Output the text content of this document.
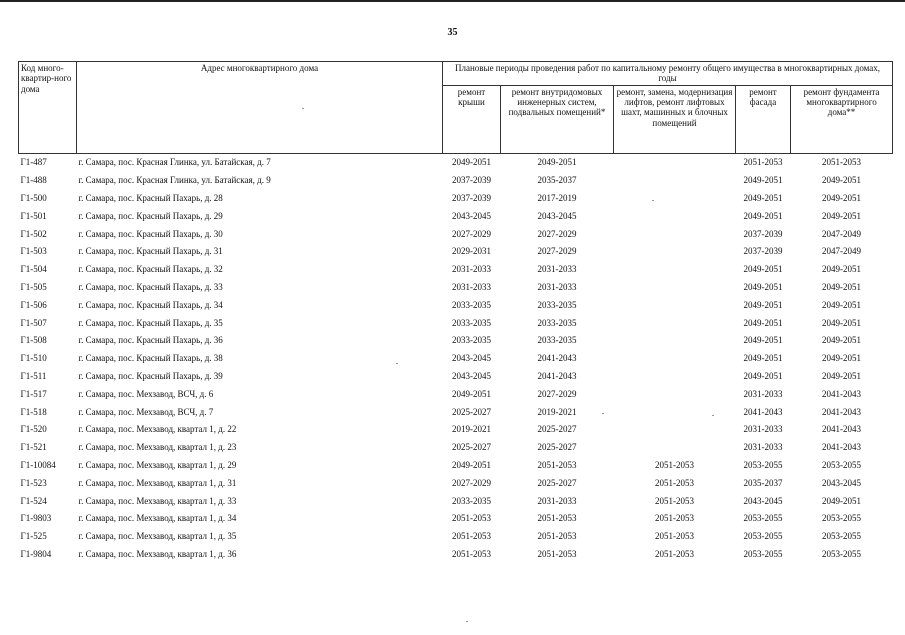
35
Код много-квартир-ного дома	Адрес многоквартирного дома	Плановые периоды проведения работ по капитальному ремонту общего имущества в многоквартирных домах, годы				
		ремонт крыши	ремонт внутридомовых инженерных систем, подвальных помещений*	ремонт, замена, модернизация лифтов, ремонт лифтовых шахт, машинных и блочных помещений	ремонт фасада	ремонт фундамента многоквартирного дома**
Г1-487	г. Самара, пос. Красная Глинка, ул. Батайская, д. 7	2049-2051	2049-2051		2051-2053	2051-2053
Г1-488	г. Самара, пос. Красная Глинка, ул. Батайская, д. 9	2037-2039	2035-2037		2049-2051	2049-2051
Г1-500	г. Самара, пос. Красный Пахарь, д. 28	2037-2039	2017-2019		2049-2051	2049-2051
Г1-501	г. Самара, пос. Красный Пахарь, д. 29	2043-2045	2043-2045		2049-2051	2049-2051
Г1-502	г. Самара, пос. Красный Пахарь, д. 30	2027-2029	2027-2029		2037-2039	2047-2049
Г1-503	г. Самара, пос. Красный Пахарь, д. 31	2029-2031	2027-2029		2037-2039	2047-2049
Г1-504	г. Самара, пос. Красный Пахарь, д. 32	2031-2033	2031-2033		2049-2051	2049-2051
Г1-505	г. Самара, пос. Красный Пахарь, д. 33	2031-2033	2031-2033		2049-2051	2049-2051
Г1-506	г. Самара, пос. Красный Пахарь, д. 34	2033-2035	2033-2035		2049-2051	2049-2051
Г1-507	г. Самара, пос. Красный Пахарь, д. 35	2033-2035	2033-2035		2049-2051	2049-2051
Г1-508	г. Самара, пос. Красный Пахарь, д. 36	2033-2035	2033-2035		2049-2051	2049-2051
Г1-510	г. Самара, пос. Красный Пахарь, д. 38	2043-2045	2041-2043		2049-2051	2049-2051
Г1-511	г. Самара, пос. Красный Пахарь, д. 39	2043-2045	2041-2043		2049-2051	2049-2051
Г1-517	г. Самара, пос. Мехзавод, ВСЧ, д. 6	2049-2051	2027-2029		2031-2033	2041-2043
Г1-518	г. Самара, пос. Мехзавод, ВСЧ, д. 7	2025-2027	2019-2021		2041-2043	2041-2043
Г1-520	г. Самара, пос. Мехзавод, квартал 1, д. 22	2019-2021	2025-2027		2031-2033	2041-2043
Г1-521	г. Самара, пос. Мехзавод, квартал 1, д. 23	2025-2027	2025-2027		2031-2033	2041-2043
Г1-10084	г. Самара, пос. Мехзавод, квартал 1, д. 29	2049-2051	2051-2053	2051-2053	2053-2055	2053-2055
Г1-523	г. Самара, пос. Мехзавод, квартал 1, д. 31	2027-2029	2025-2027	2051-2053	2035-2037	2043-2045
Г1-524	г. Самара, пос. Мехзавод, квартал 1, д. 33	2033-2035	2031-2033	2051-2053	2043-2045	2049-2051
Г1-9803	г. Самара, пос. Мехзавод, квартал 1, д. 34	2051-2053	2051-2053	2051-2053	2053-2055	2053-2055
Г1-525	г. Самара, пос. Мехзавод, квартал 1, д. 35	2051-2053	2051-2053	2051-2053	2053-2055	2053-2055
Г1-9804	г. Самара, пос. Мехзавод, квартал 1, д. 36	2051-2053	2051-2053	2051-2053	2053-2055	2053-2055
